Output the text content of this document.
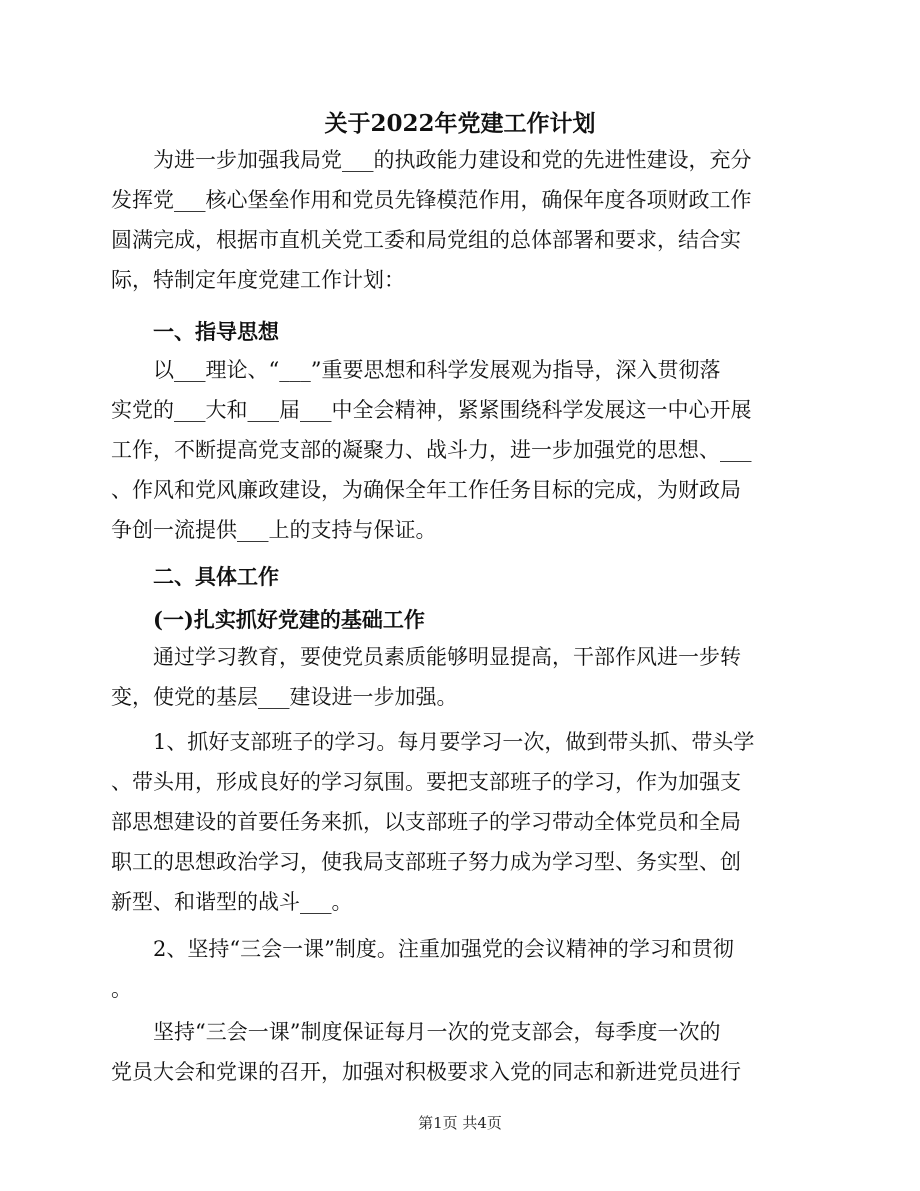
关于2022年党建工作计划
　　为进一步加强我局党___的执政能力建设和党的先进性建设，充分
发挥党___核心堡垒作用和党员先锋模范作用，确保年度各项财政工作
圆满完成，根据市直机关党工委和局党组的总体部署和要求，结合实
际，特制定年度党建工作计划：
一、指导思想
　　以___理论、“___”重要思想和科学发展观为指导，深入贯彻落
实党的___大和___届___中全会精神，紧紧围绕科学发展这一中心开展
工作，不断提高党支部的凝聚力、战斗力，进一步加强党的思想、___
、作风和党风廉政建设，为确保全年工作任务目标的完成，为财政局
争创一流提供___上的支持与保证。
二、具体工作
(一)扎实抓好党建的基础工作
　　通过学习教育，要使党员素质能够明显提高，干部作风进一步转
变，使党的基层___建设进一步加强。
　　1、抓好支部班子的学习。每月要学习一次，做到带头抓、带头学
、带头用，形成良好的学习氛围。要把支部班子的学习，作为加强支
部思想建设的首要任务来抓，以支部班子的学习带动全体党员和全局
职工的思想政治学习，使我局支部班子努力成为学习型、务实型、创
新型、和谐型的战斗___。
　　2、坚持“三会一课”制度。注重加强党的会议精神的学习和贯彻
。
　　坚持“三会一课”制度保证每月一次的党支部会，每季度一次的
党员大会和党课的召开，加强对积极要求入党的同志和新进党员进行
第1页 共4页
